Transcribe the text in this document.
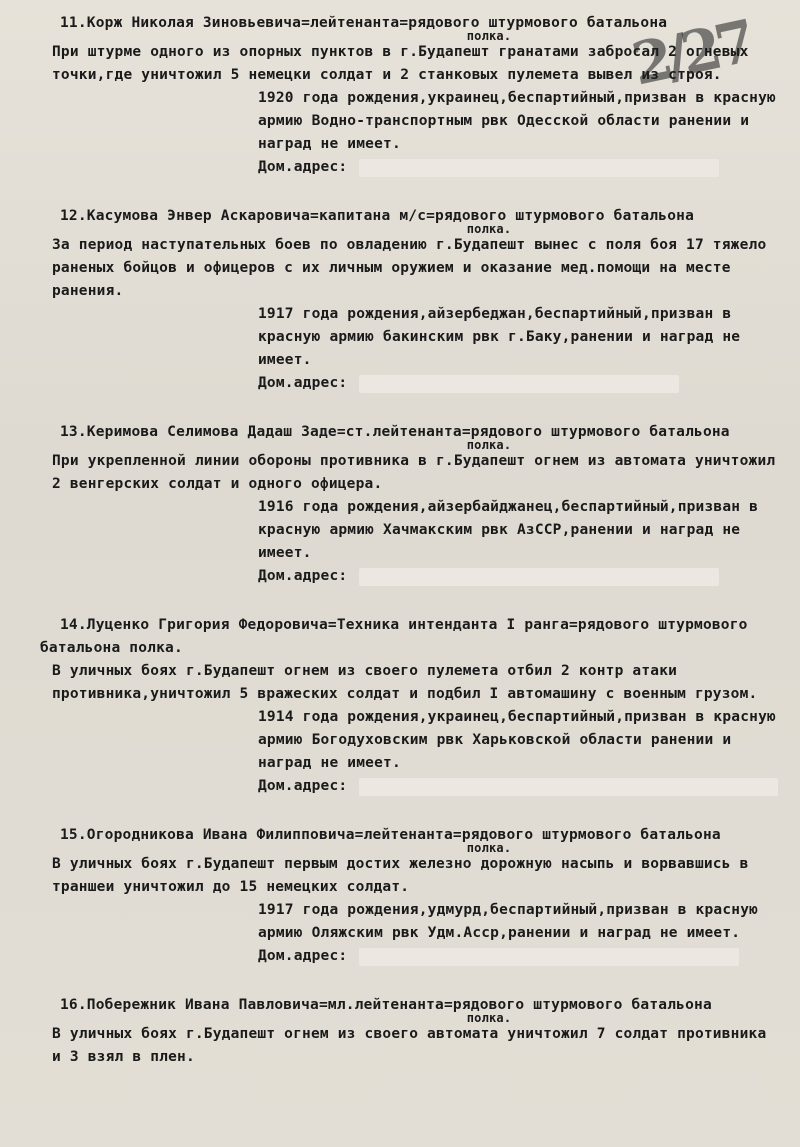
2/27
11.Корж Николая Зиновьевича=лейтенанта=рядового штурмового батальона
полка.
При штурме одного из опорных пунктов в г.Будапешт гранатами забросал 2 огневых точки,где уничтожил 5 немецки солдат и 2 станковых пулемета вывел из строя.
1920 года рождения,украинец,беспартийный,призван в красную армию Водно-транспортным рвк Одесской области ранении и наград не имеет.
Дом.адрес:
12.Касумова Энвер Аскаровича=капитана м/с=рядового штурмового батальона
полка.
За период наступательных боев по овладению г.Будапешт вынес с поля боя 17 тяжело раненых бойцов и офицеров с их личным оружием и оказание мед.помощи на месте ранения.
1917 года рождения,айзербеджан,беспартийный,призван в красную армию бакинским рвк г.Баку,ранении и наград не имеет.
Дом.адрес:
13.Керимова Селимова Дадаш Заде=ст.лейтенанта=рядового штурмового батальона
полка.
При укрепленной линии обороны противника в г.Будапешт огнем из автомата уничтожил 2 венгерских солдат и одного офицера.
1916 года рождения,айзербайджанец,беспартийный,призван в красную армию Хачмакским рвк АзССР,ранении и наград не имеет.
Дом.адрес:
14.Луценко Григория Федоровича=Техника интенданта I ранга=рядового штурмового батальона полка.
В уличных боях г.Будапешт огнем из своего пулемета отбил 2 контр атаки противника,уничтожил 5 вражеских солдат и подбил I автомашину с военным грузом.
1914 года рождения,украинец,беспартийный,призван в красную армию Богодуховским рвк Харьковской области ранении и наград не имеет.
Дом.адрес:
15.Огородникова Ивана Филипповича=лейтенанта=рядового штурмового батальона
полка.
В уличных боях г.Будапешт первым достих железно дорожную насыпь и ворвавшись в траншеи уничтожил до 15 немецких солдат.
1917 года рождения,удмурд,беспартийный,призван в красную армию Оляжским рвк Удм.Асср,ранении и наград не имеет.
Дом.адрес:
16.Побережник Ивана Павловича=мл.лейтенанта=рядового штурмового батальона
полка.
В уличных боях г.Будапешт огнем из своего автомата уничтожил 7 солдат противника и 3 взял в плен.
